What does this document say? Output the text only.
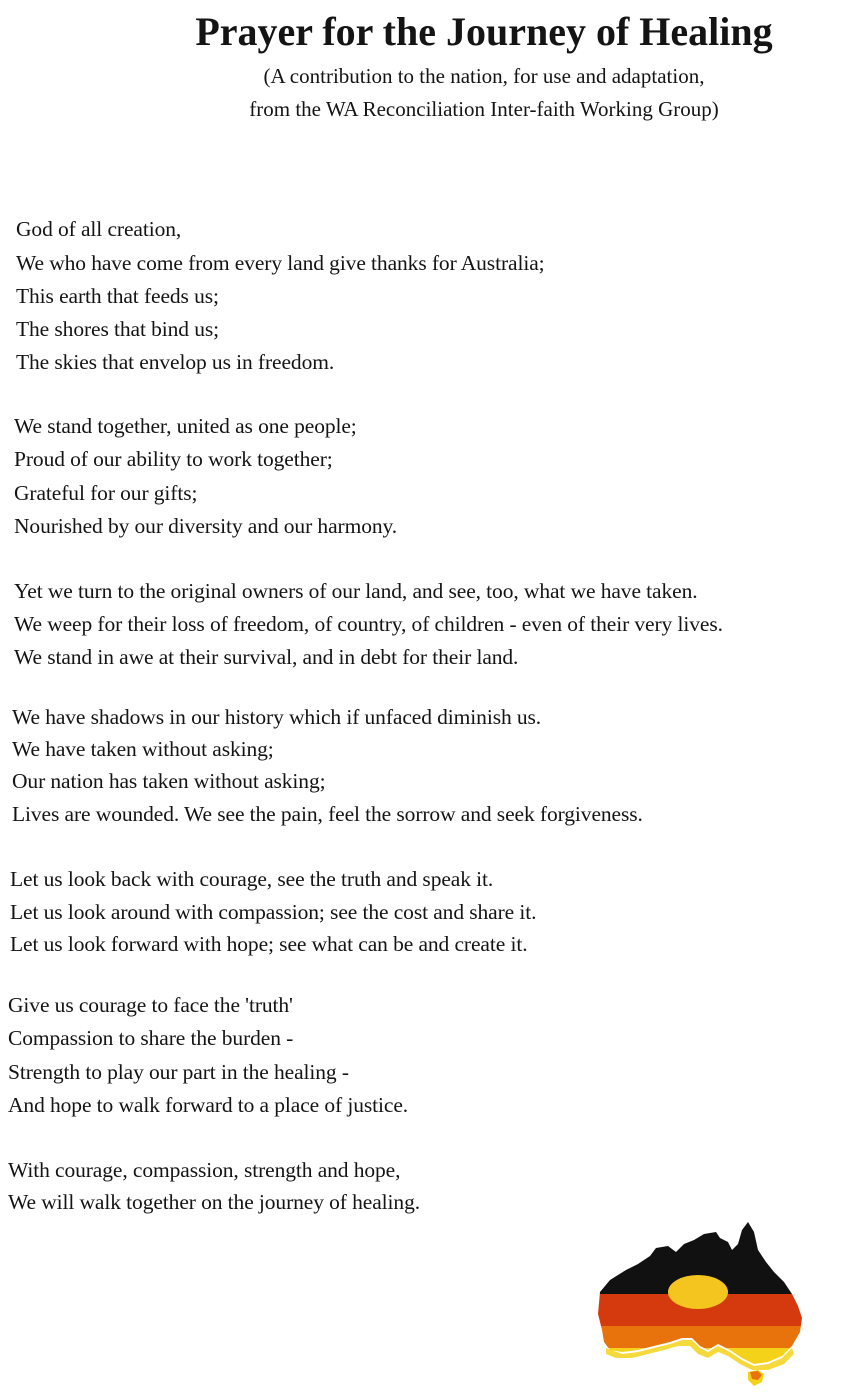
Prayer for the Journey of Healing
(A contribution to the nation, for use and adaptation,
from the WA Reconciliation Inter-faith Working Group)
God of all creation,
We who have come from every land give thanks for Australia;
This earth that feeds us;
The shores that bind us;
The skies that envelop us in freedom.
We stand together, united as one people;
Proud of our ability to work together;
Grateful for our gifts;
Nourished by our diversity and our harmony.
Yet we turn to the original owners of our land, and see, too, what we have taken.
We weep for their loss of freedom, of country, of children - even of their very lives.
We stand in awe at their survival, and in debt for their land.
We have shadows in our history which if unfaced diminish us.
We have taken without asking;
Our nation has taken without asking;
Lives are wounded. We see the pain, feel the sorrow and seek forgiveness.
Let us look back with courage, see the truth and speak it.
Let us look around with compassion; see the cost and share it.
Let us look forward with hope; see what can be and create it.
Give us courage to face the 'truth'
Compassion to share the burden -
Strength to play our part in the healing -
And hope to walk forward to a place of justice.
With courage, compassion, strength and hope,
We will walk together on the journey of healing.
